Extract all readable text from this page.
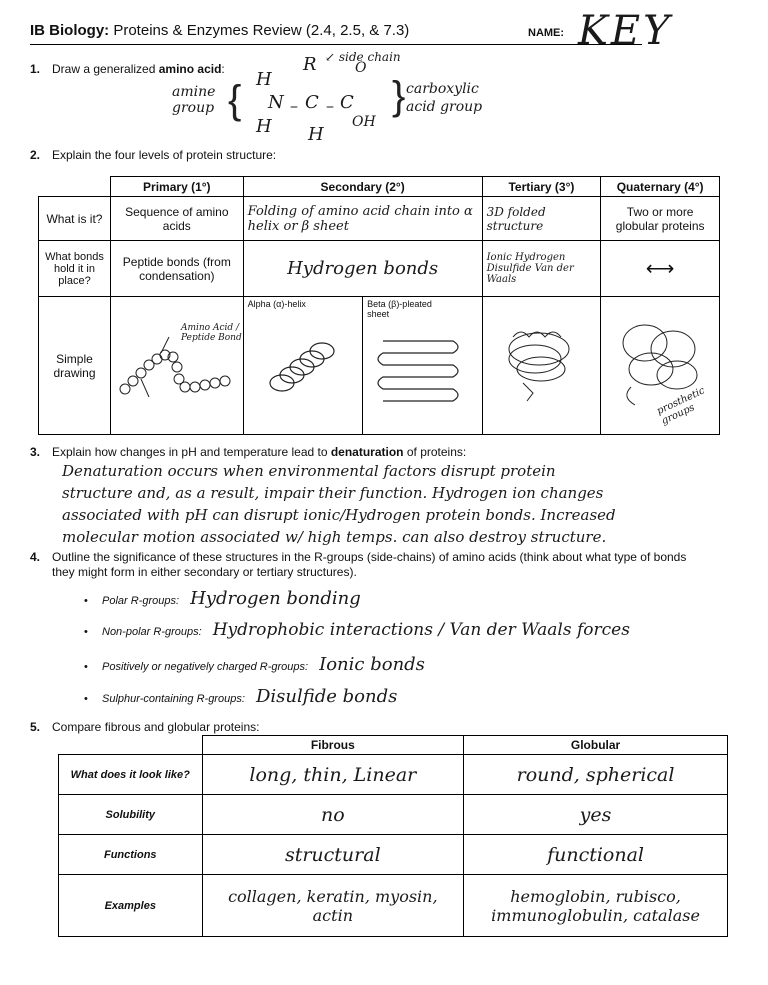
IB Biology: Proteins & Enzymes Review (2.4, 2.5, & 7.3)	NAME: KEY
1. Draw a generalized amino acid:
amine group { H
H
N – C
R ↙ side chain
H
– C
O
OH
} carboxylic acid group
2. Explain the four levels of protein structure:
	Primary (1°)	Secondary (2°)		Tertiary (3°)	Quaternary (4°)
What is it?	Sequence of amino acids	Folding of amino acid chain into α helix or β sheet		3D folded structure	Two or more globular proteins
What bonds hold it in place?	Peptide bonds (from condensation)	Hydrogen bonds		Ionic Hydrogen Disulfide Van der Waals	⟷
Simple drawing	Amino Acid / Peptide Bond	Alpha (α)-helix	Beta (β)-pleated sheet		prosthetic groups
3. Explain how changes in pH and temperature lead to denaturation of proteins:
Denaturation occurs when environmental factors disrupt protein
structure and, as a result, impair their function. Hydrogen ion changes
associated with pH can disrupt ionic/Hydrogen protein bonds. Increased
molecular motion associated w/ high temps. can also destroy structure.
4. Outline the significance of these structures in the R-groups (side-chains) of amino acids (think about what type of bonds
they might form in either secondary or tertiary structures).
• Polar R-groups: Hydrogen bonding
• Non-polar R-groups: Hydrophobic interactions / Van der Waals forces
• Positively or negatively charged R-groups: Ionic bonds
• Sulphur-containing R-groups: Disulfide bonds
5. Compare fibrous and globular proteins:
	Fibrous	Globular
What does it look like?	long, thin, Linear	round, spherical
Solubility	no	yes
Functions	structural	functional
Examples	collagen, keratin, myosin, actin	hemoglobin, rubisco, immunoglobulin, catalase
